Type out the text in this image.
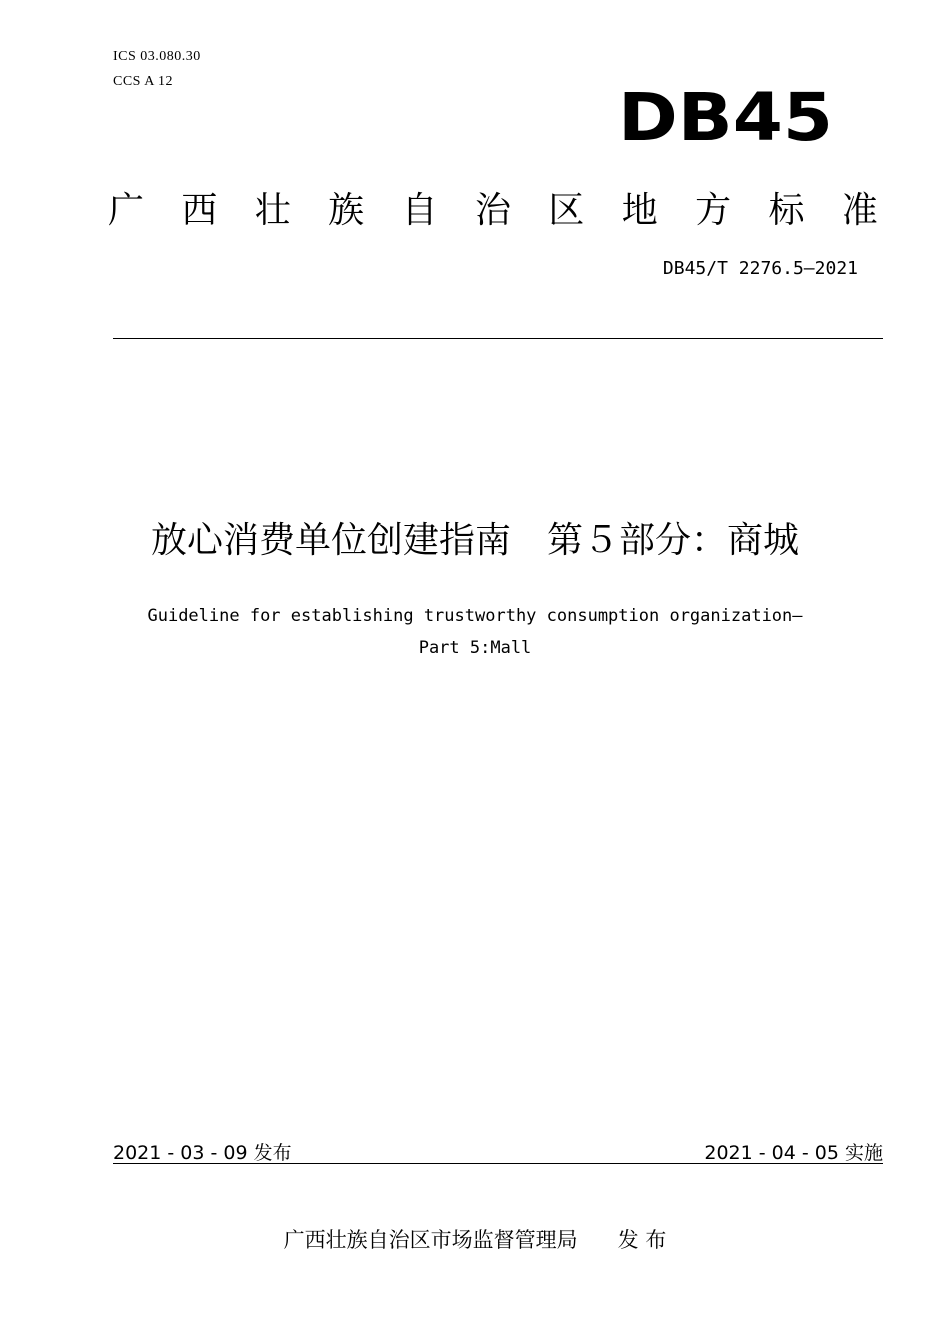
ICS 03.080.30
CCS A 12	DB45
广 西 壮 族 自 治 区 地 方 标 准
DB45/T 2276.5—2021
放心消费单位创建指南　第５部分：商城
Guideline for establishing trustworthy consumption organization—
Part 5:Mall
2021 - 03 - 09 发布	2021 - 04 - 05 实施
广西壮族自治区市场监督管理局 发 布
